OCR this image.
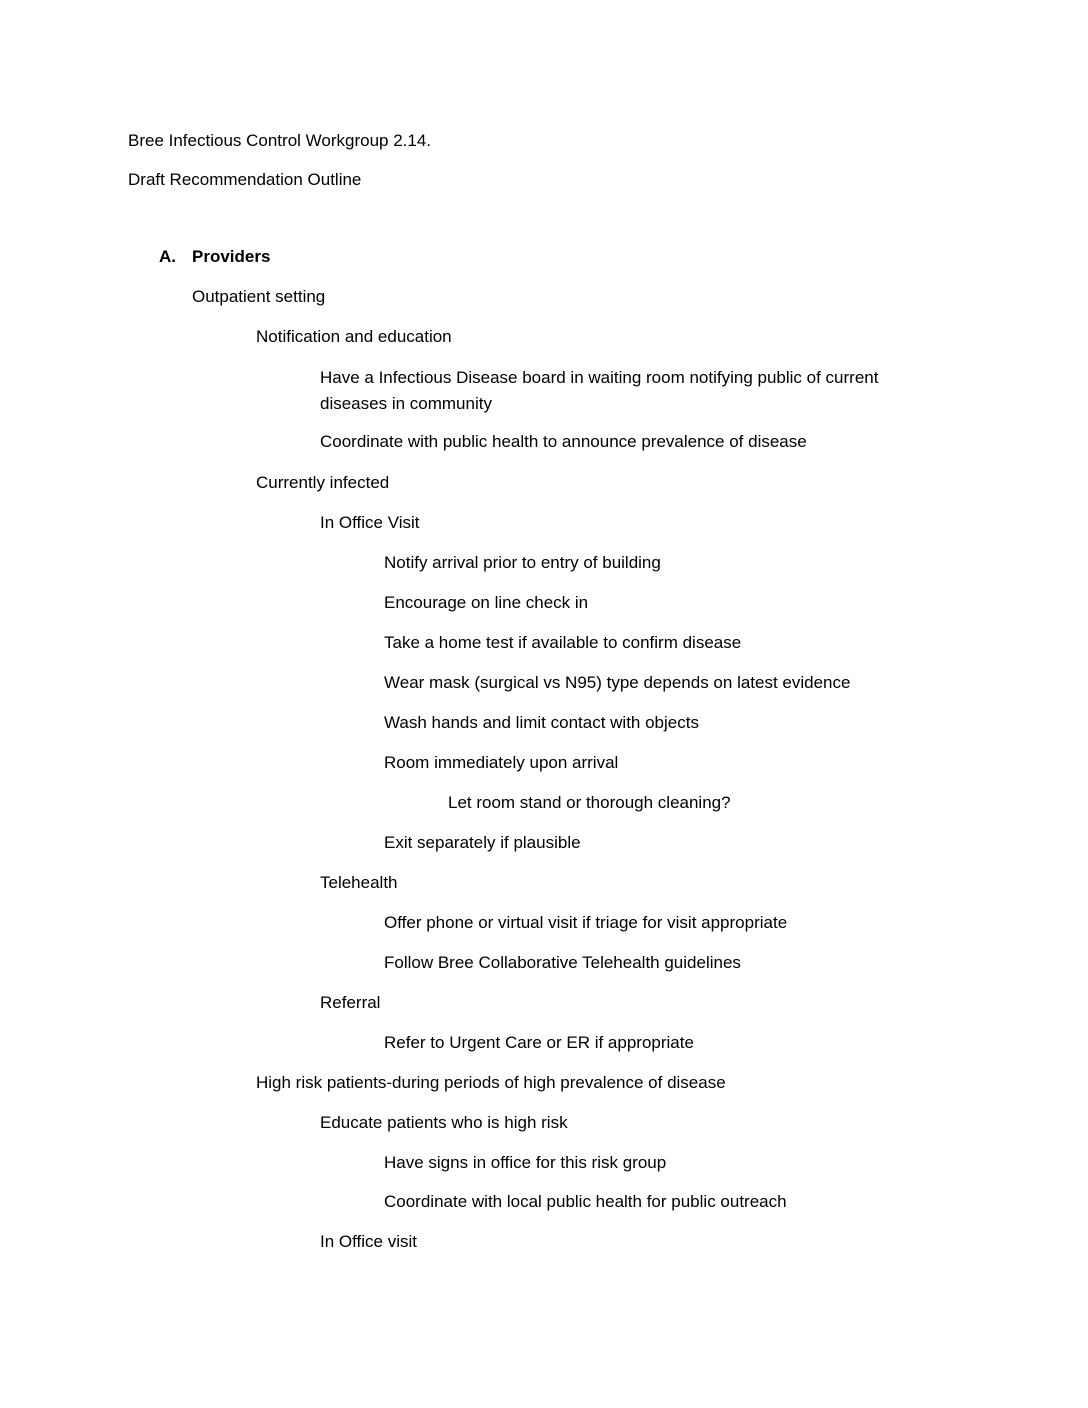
Bree Infectious Control Workgroup 2.14.
Draft Recommendation Outline
A. Providers
Outpatient setting
Notification and education
Have a Infectious Disease board in waiting room notifying public of current diseases in community
Coordinate with public health to announce prevalence of disease
Currently infected
In Office Visit
Notify arrival prior to entry of building
Encourage on line check in
Take a home test if available to confirm disease
Wear mask (surgical vs N95) type depends on latest evidence
Wash hands and limit contact with objects
Room immediately upon arrival
Let room stand or thorough cleaning?
Exit separately if plausible
Telehealth
Offer phone or virtual visit if triage for visit appropriate
Follow Bree Collaborative Telehealth guidelines
Referral
Refer to Urgent Care or ER if appropriate
High risk patients-during periods of high prevalence of disease
Educate patients who is high risk
Have signs in office for this risk group
Coordinate with local public health for public outreach
In Office visit
